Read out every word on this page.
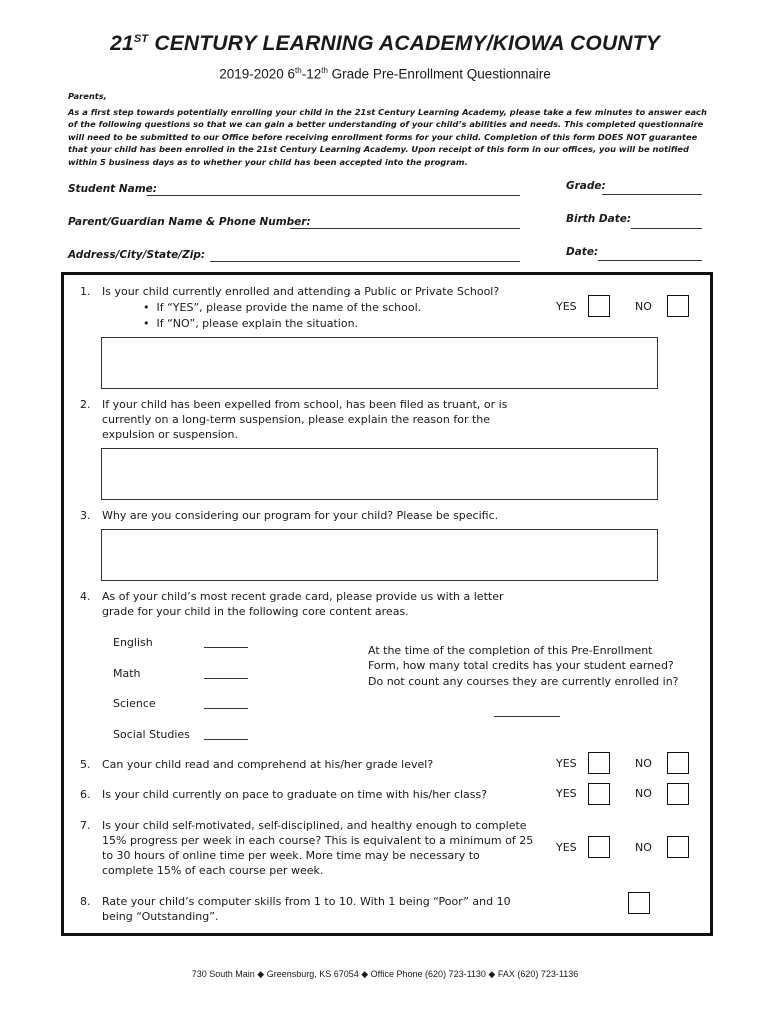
21ST CENTURY LEARNING ACADEMY/KIOWA COUNTY
2019-2020 6th-12th Grade Pre-Enrollment Questionnaire
Parents,
As a first step towards potentially enrolling your child in the 21st Century Learning Academy, please take a few minutes to answer each of the following questions so that we can gain a better understanding of your child’s abilities and needs. This completed questionnaire will need to be submitted to our Office before receiving enrollment forms for your child. Completion of this form DOES NOT guarantee that your child has been enrolled in the 21st Century Learning Academy. Upon receipt of this form in our offices, you will be notified within 5 business days as to whether your child has been accepted into the program.
Student Name:	Grade:
Parent/Guardian Name & Phone Number:	Birth Date:
Address/City/State/Zip:	Date:
1. Is your child currently enrolled and attending a Public or Private School?
•  If “YES”, please provide the name of the school.
•  If “NO”, please explain the situation.
YES	NO
2. If your child has been expelled from school, has been filed as truant, or is
currently on a long-term suspension, please explain the reason for the
expulsion or suspension.
3. Why are you considering our program for your child? Please be specific.
4. As of your child’s most recent grade card, please provide us with a letter
grade for your child in the following core content areas.
English
Math
Science
Social Studies
At the time of the completion of this Pre-Enrollment
Form, how many total credits has your student earned?
Do not count any courses they are currently enrolled in?
5. Can your child read and comprehend at his/her grade level?	YES	NO
6. Is your child currently on pace to graduate on time with his/her class?	YES	NO
7. Is your child self-motivated, self-disciplined, and healthy enough to complete
15% progress per week in each course? This is equivalent to a minimum of 25
to 30 hours of online time per week. More time may be necessary to
complete 15% of each course per week.
YES	NO
8. Rate your child’s computer skills from 1 to 10. With 1 being “Poor” and 10
being “Outstanding”.
730 South Main ◆ Greensburg, KS 67054 ◆ Office Phone (620) 723-1130 ◆ FAX (620) 723-1136
